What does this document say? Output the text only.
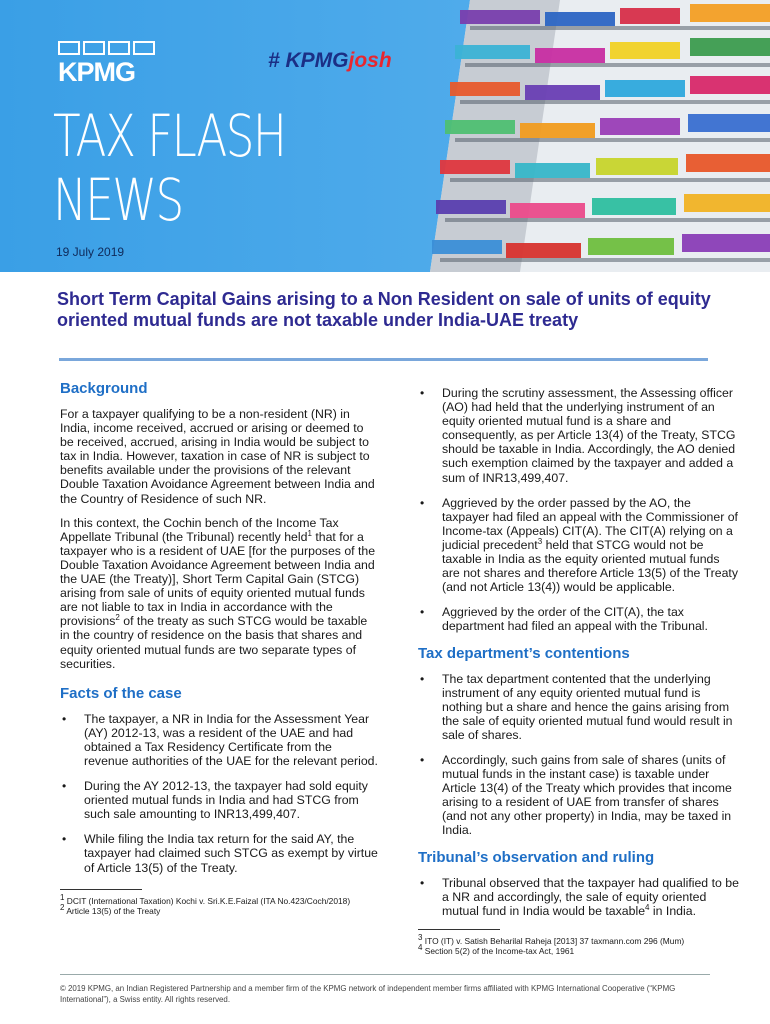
KPMG	# KPMGjosh
TAX FLASH
NEWS
19 July 2019
Short Term Capital Gains arising to a Non Resident on sale of units of equity oriented mutual funds are not taxable under India-UAE treaty
Background

For a taxpayer qualifying to be a non-resident (NR) in India, income received, accrued or arising or deemed to be received, accrued, arising in India would be subject to tax in India. However, taxation in case of NR is subject to benefits available under the provisions of the relevant Double Taxation Avoidance Agreement between India and the Country of Residence of such NR.

In this context, the Cochin bench of the Income Tax Appellate Tribunal (the Tribunal) recently held$^1$ that for a taxpayer who is a resident of UAE [for the purposes of the Double Taxation Avoidance Agreement between India and the UAE (the Treaty)], Short Term Capital Gain (STCG) arising from sale of units of equity oriented mutual funds are not liable to tax in India in accordance with the provisions$^2$ of the treaty as such STCG would be taxable in the country of residence on the basis that shares and equity oriented mutual funds are two separate types of securities.

Facts of the case
• The taxpayer, a NR in India for the Assessment Year (AY) 2012-13, was a resident of the UAE and had obtained a Tax Residency Certificate from the revenue authorities of the UAE for the relevant period.
• During the AY 2012-13, the taxpayer had sold equity oriented mutual funds in India and had STCG from such sale amounting to INR13,499,407.
• While filing the India tax return for the said AY, the taxpayer had claimed such STCG as exempt by virtue of Article 13(5) of the Treaty.
$^1$ DCIT (International Taxation) Kochi v. Sri.K.E.Faizal (ITA No.423/Coch/2018)
$^2$ Article 13(5) of the Treaty
• During the scrutiny assessment, the Assessing officer (AO) had held that the underlying instrument of an equity oriented mutual fund is a share and consequently, as per Article 13(4) of the Treaty, STCG should be taxable in India. Accordingly, the AO denied such exemption claimed by the taxpayer and added a sum of INR13,499,407.
• Aggrieved by the order passed by the AO, the taxpayer had filed an appeal with the Commissioner of Income-tax (Appeals) CIT(A). The CIT(A) relying on a judicial precedent$^3$ held that STCG would not be taxable in India as the equity oriented mutual funds are not shares and therefore Article 13(5) of the Treaty (and not Article 13(4)) would be applicable.
• Aggrieved by the order of the CIT(A), the tax department had filed an appeal with the Tribunal.
Tax department’s contentions
• The tax department contented that the underlying instrument of any equity oriented mutual fund is nothing but a share and hence the gains arising from the sale of equity oriented mutual fund would result in sale of shares.
• Accordingly, such gains from sale of shares (units of mutual funds in the instant case) is taxable under Article 13(4) of the Treaty which provides that income arising to a resident of UAE from transfer of shares (and not any other property) in India, may be taxed in India.
Tribunal’s observation and ruling
• Tribunal observed that the taxpayer had qualified to be a NR and accordingly, the sale of equity oriented mutual fund in India would be taxable$^4$ in India.
$^3$ ITO (IT) v. Satish Beharilal Raheja [2013] 37 taxmann.com 296 (Mum)
$^4$ Section 5(2) of the Income-tax Act, 1961
© 2019 KPMG, an Indian Registered Partnership and a member firm of the KPMG network of independent member firms affiliated with KPMG International Cooperative (“KPMG International”), a Swiss entity. All rights reserved.
